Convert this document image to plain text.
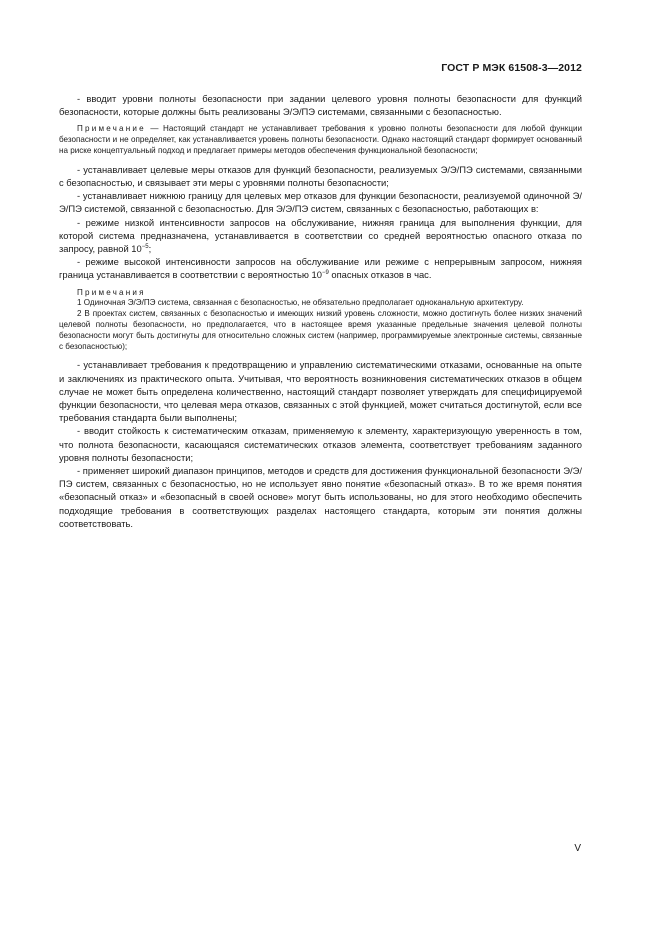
ГОСТ Р МЭК 61508-3—2012

- вводит уровни полноты безопасности при задании целевого уровня полноты безопасности для функций безопасности, которые должны быть реализованы Э/Э/ПЭ системами, связанными с безопасностью.

Примечание — Настоящий стандарт не устанавливает требования к уровню полноты безопасности для любой функции безопасности и не определяет, как устанавливается уровень полноты безопасности. Однако настоящий стандарт формирует основанный на риске концептуальный подход и предлагает примеры методов обеспечения функциональной безопасности;

- устанавливает целевые меры отказов для функций безопасности, реализуемых Э/Э/ПЭ системами, связанными с безопасностью, и связывает эти меры с уровнями полноты безопасности;

- устанавливает нижнюю границу для целевых мер отказов для функции безопасности, реализуемой одиночной Э/Э/ПЭ системой, связанной с безопасностью. Для Э/Э/ПЭ систем, связанных с безопасностью, работающих в:

- режиме низкой интенсивности запросов на обслуживание, нижняя граница для выполнения функции, для которой система предназначена, устанавливается в соответствии со средней вероятностью опасного отказа по запросу, равной $10^{-5}$;

- режиме высокой интенсивности запросов на обслуживание или режиме с непрерывным запросом, нижняя граница устанавливается в соответствии с вероятностью $10^{-9}$ опасных отказов в час.

Примечания

1 Одиночная Э/Э/ПЭ система, связанная с безопасностью, не обязательно предполагает одноканальную архитектуру.

2 В проектах систем, связанных с безопасностью и имеющих низкий уровень сложности, можно достигнуть более низких значений целевой полноты безопасности, но предполагается, что в настоящее время указанные предельные значения целевой полноты безопасности могут быть достигнуты для относительно сложных систем (например, программируемые электронные системы, связанные с безопасностью);

- устанавливает требования к предотвращению и управлению систематическими отказами, основанные на опыте и заключениях из практического опыта. Учитывая, что вероятность возникновения систематических отказов в общем случае не может быть определена количественно, настоящий стандарт позволяет утверждать для специфицируемой функции безопасности, что целевая мера отказов, связанных с этой функцией, может считаться достигнутой, если все требования стандарта были выполнены;

- вводит стойкость к систематическим отказам, применяемую к элементу, характеризующую уверенность в том, что полнота безопасности, касающаяся систематических отказов элемента, соответствует требованиям заданного уровня полноты безопасности;

- применяет широкий диапазон принципов, методов и средств для достижения функциональной безопасности Э/Э/ПЭ систем, связанных с безопасностью, но не использует явно понятие «безопасный отказ». В то же время понятия «безопасный отказ» и «безопасный в своей основе» могут быть использованы, но для этого необходимо обеспечить подходящие требования в соответствующих разделах настоящего стандарта, которым эти понятия должны соответствовать.

V
